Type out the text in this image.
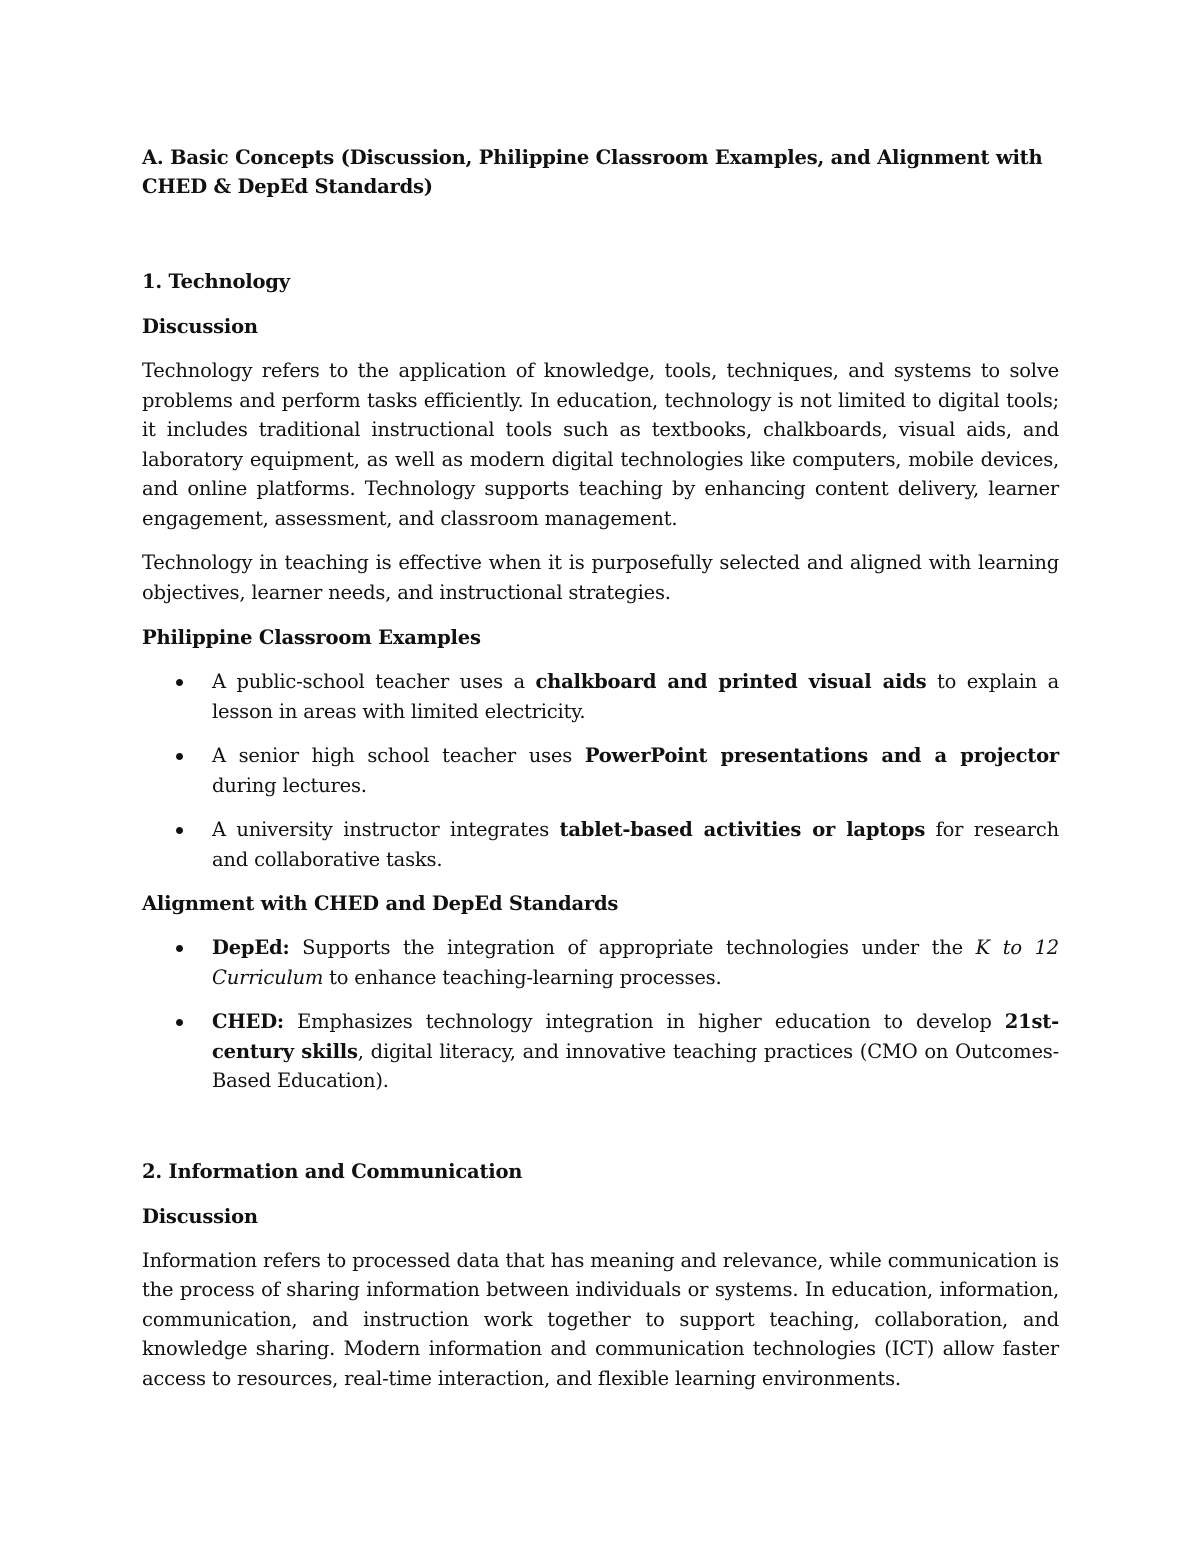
A. Basic Concepts (Discussion, Philippine Classroom Examples, and Alignment with CHED & DepEd Standards)
1. Technology
Discussion

Technology refers to the application of knowledge, tools, techniques, and systems to solve problems and perform tasks efficiently. In education, technology is not limited to digital tools; it includes traditional instructional tools such as textbooks, chalkboards, visual aids, and laboratory equipment, as well as modern digital technologies like computers, mobile devices, and online platforms. Technology supports teaching by enhancing content delivery, learner engagement, assessment, and classroom management.

Technology in teaching is effective when it is purposefully selected and aligned with learning objectives, learner needs, and instructional strategies.

Philippine Classroom Examples
A public-school teacher uses a chalkboard and printed visual aids to explain a lesson in areas with limited electricity.
A senior high school teacher uses PowerPoint presentations and a projector during lectures.
A university instructor integrates tablet-based activities or laptops for research and collaborative tasks.
Alignment with CHED and DepEd Standards
DepEd: Supports the integration of appropriate technologies under the K to 12 Curriculum to enhance teaching-learning processes.
CHED: Emphasizes technology integration in higher education to develop 21st-century skills, digital literacy, and innovative teaching practices (CMO on Outcomes-Based Education).
2. Information and Communication
Discussion

Information refers to processed data that has meaning and relevance, while communication is the process of sharing information between individuals or systems. In education, information, communication, and instruction work together to support teaching, collaboration, and knowledge sharing. Modern information and communication technologies (ICT) allow faster access to resources, real-time interaction, and flexible learning environments.
